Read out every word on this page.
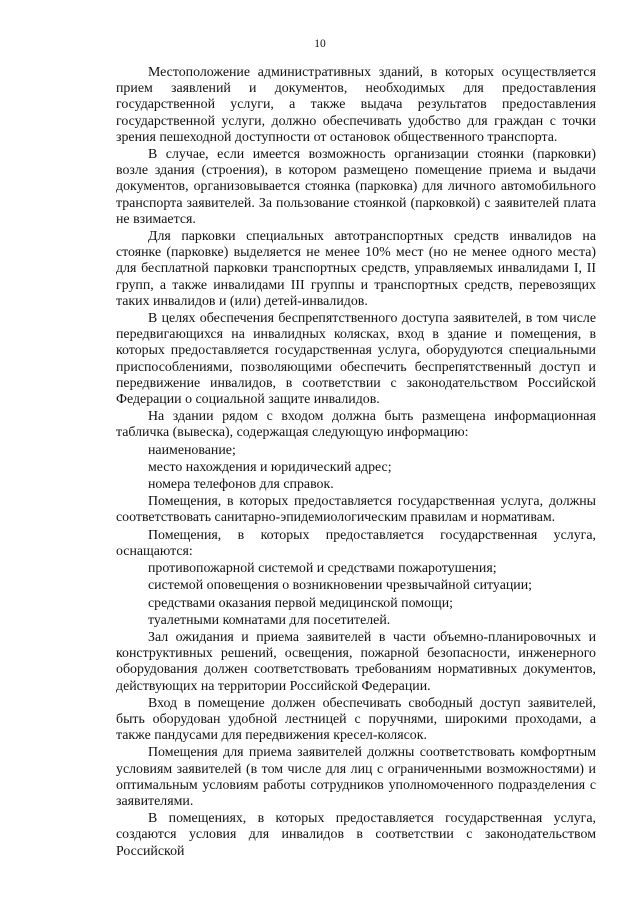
10

Местоположение административных зданий, в которых осуществляется прием заявлений и документов, необходимых для предоставления государственной услуги, а также выдача результатов предоставления государственной услуги, должно обеспечивать удобство для граждан с точки зрения пешеходной доступности от остановок общественного транспорта.

В случае, если имеется возможность организации стоянки (парковки) возле здания (строения), в котором размещено помещение приема и выдачи документов, организовывается стоянка (парковка) для личного автомобильного транспорта заявителей. За пользование стоянкой (парковкой) с заявителей плата не взимается.

Для парковки специальных автотранспортных средств инвалидов на стоянке (парковке) выделяется не менее 10% мест (но не менее одного места) для бесплатной парковки транспортных средств, управляемых инвалидами I, II групп, а также инвалидами III группы и транспортных средств, перевозящих таких инвалидов и (или) детей-инвалидов.

В целях обеспечения беспрепятственного доступа заявителей, в том числе передвигающихся на инвалидных колясках, вход в здание и помещения, в которых предоставляется государственная услуга, оборудуются специальными приспособлениями, позволяющими обеспечить беспрепятственный доступ и передвижение инвалидов, в соответствии с законодательством Российской Федерации о социальной защите инвалидов.

На здании рядом с входом должна быть размещена информационная табличка (вывеска), содержащая следующую информацию:

наименование;

место нахождения и юридический адрес;

номера телефонов для справок.

Помещения, в которых предоставляется государственная услуга, должны соответствовать санитарно-эпидемиологическим правилам и нормативам.

Помещения, в которых предоставляется государственная услуга, оснащаются:

противопожарной системой и средствами пожаротушения;

системой оповещения о возникновении чрезвычайной ситуации;

средствами оказания первой медицинской помощи;

туалетными комнатами для посетителей.

Зал ожидания и приема заявителей в части объемно-планировочных и конструктивных решений, освещения, пожарной безопасности, инженерного оборудования должен соответствовать требованиям нормативных документов, действующих на территории Российской Федерации.

Вход в помещение должен обеспечивать свободный доступ заявителей, быть оборудован удобной лестницей с поручнями, широкими проходами, а также пандусами для передвижения кресел-колясок.

Помещения для приема заявителей должны соответствовать комфортным условиям заявителей (в том числе для лиц с ограниченными возможностями) и оптимальным условиям работы сотрудников уполномоченного подразделения с заявителями.

В помещениях, в которых предоставляется государственная услуга, создаются условия для инвалидов в соответствии с законодательством Российской
